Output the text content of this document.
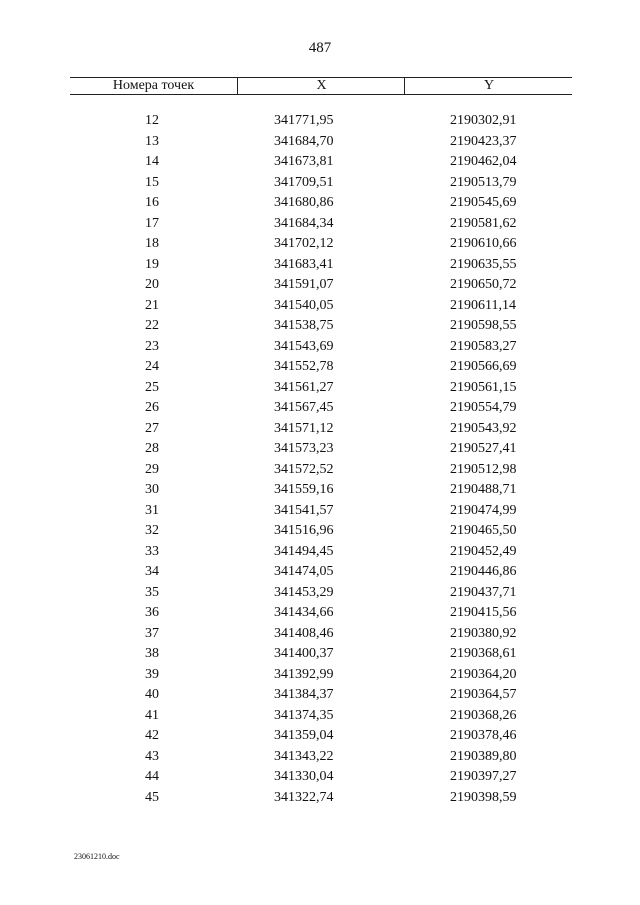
487
Номера точек	X	Y
12	341771,95	2190302,91
13	341684,70	2190423,37
14	341673,81	2190462,04
15	341709,51	2190513,79
16	341680,86	2190545,69
17	341684,34	2190581,62
18	341702,12	2190610,66
19	341683,41	2190635,55
20	341591,07	2190650,72
21	341540,05	2190611,14
22	341538,75	2190598,55
23	341543,69	2190583,27
24	341552,78	2190566,69
25	341561,27	2190561,15
26	341567,45	2190554,79
27	341571,12	2190543,92
28	341573,23	2190527,41
29	341572,52	2190512,98
30	341559,16	2190488,71
31	341541,57	2190474,99
32	341516,96	2190465,50
33	341494,45	2190452,49
34	341474,05	2190446,86
35	341453,29	2190437,71
36	341434,66	2190415,56
37	341408,46	2190380,92
38	341400,37	2190368,61
39	341392,99	2190364,20
40	341384,37	2190364,57
41	341374,35	2190368,26
42	341359,04	2190378,46
43	341343,22	2190389,80
44	341330,04	2190397,27
45	341322,74	2190398,59
23061210.doc
